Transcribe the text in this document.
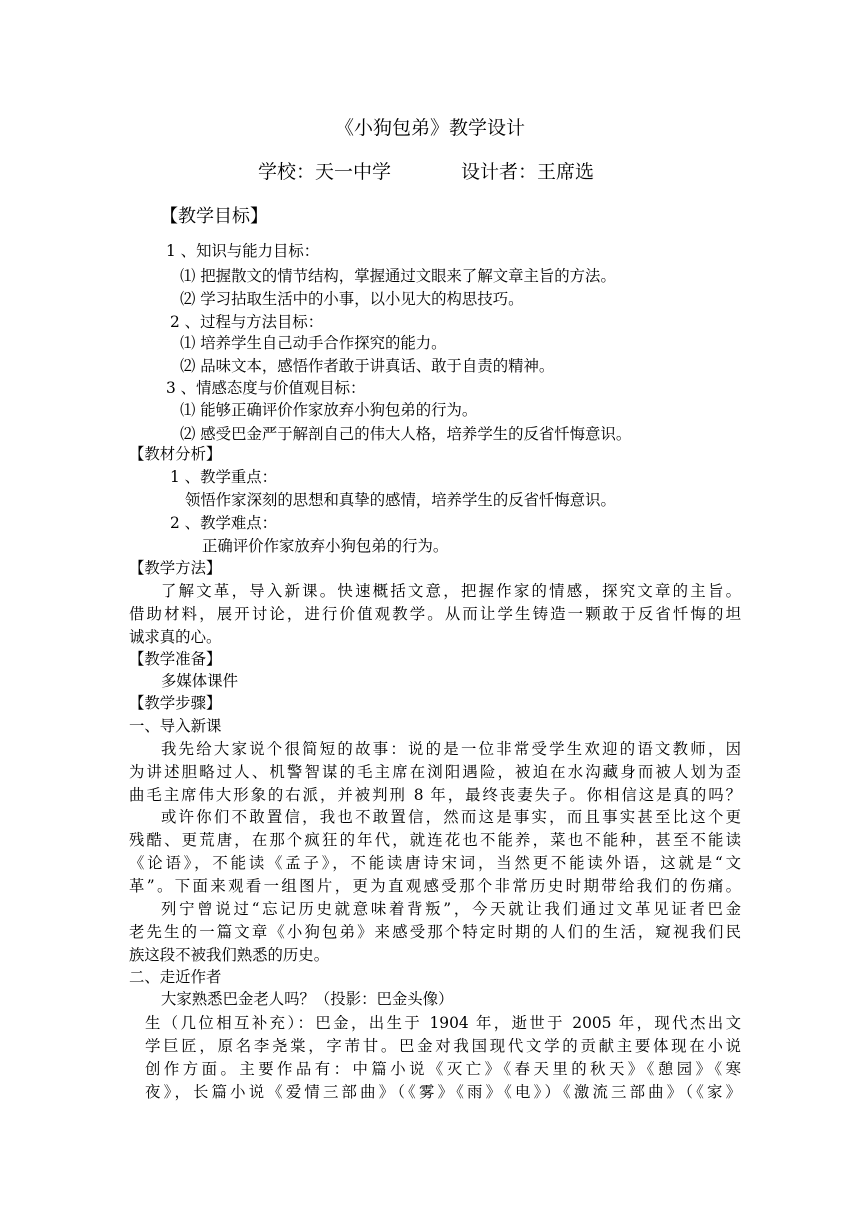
《小狗包弟》教学设计
学校：天一中学	设计者：王席选
【教学目标】
1 、知识与能力目标：
⑴ 把握散文的情节结构，掌握通过文眼来了解文章主旨的方法。
⑵ 学习拈取生活中的小事，以小见大的构思技巧。
2 、过程与方法目标：
⑴ 培养学生自己动手合作探究的能力。
⑵ 品味文本，感悟作者敢于讲真话、敢于自责的精神。
3 、情感态度与价值观目标：
⑴ 能够正确评价作家放弃小狗包弟的行为。
⑵ 感受巴金严于解剖自己的伟大人格，培养学生的反省忏悔意识。
【教材分析】
1 、教学重点：
领悟作家深刻的思想和真挚的感情，培养学生的反省忏悔意识。
2 、教学难点：
正确评价作家放弃小狗包弟的行为。
【教学方法】
了解文革，导入新课。快速概括文意，把握作家的情感，探究文章的主旨。
借助材料，展开讨论，进行价值观教学。从而让学生铸造一颗敢于反省忏悔的坦
诚求真的心。
【教学准备】
多媒体课件
【教学步骤】
一、导入新课
我先给大家说个很简短的故事：说的是一位非常受学生欢迎的语文教师，因
为讲述胆略过人、机警智谋的毛主席在浏阳遇险，被迫在水沟藏身而被人划为歪
曲毛主席伟大形象的右派，并被判刑 8 年，最终丧妻失子。你相信这是真的吗？
或许你们不敢置信，我也不敢置信，然而这是事实，而且事实甚至比这个更
残酷、更荒唐，在那个疯狂的年代，就连花也不能养，菜也不能种，甚至不能读
《论语》，不能读《孟子》，不能读唐诗宋词，当然更不能读外语，这就是“文
革”。下面来观看一组图片，更为直观感受那个非常历史时期带给我们的伤痛。
列宁曾说过“忘记历史就意味着背叛”，今天就让我们通过文革见证者巴金
老先生的一篇文章《小狗包弟》来感受那个特定时期的人们的生活，窥视我们民
族这段不被我们熟悉的历史。
二、走近作者
大家熟悉巴金老人吗？（投影：巴金头像）
生（几位相互补充）：巴金，出生于 1904 年，逝世于 2005 年，现代杰出文
学巨匠，原名李尧棠，字芾甘。巴金对我国现代文学的贡献主要体现在小说
创作方面。主要作品有：中篇小说《灭亡》《春天里的秋天》《憩园》《寒
夜》，长篇小说《爱情三部曲》（《雾》《雨》《电》）《激流三部曲》（《家》
